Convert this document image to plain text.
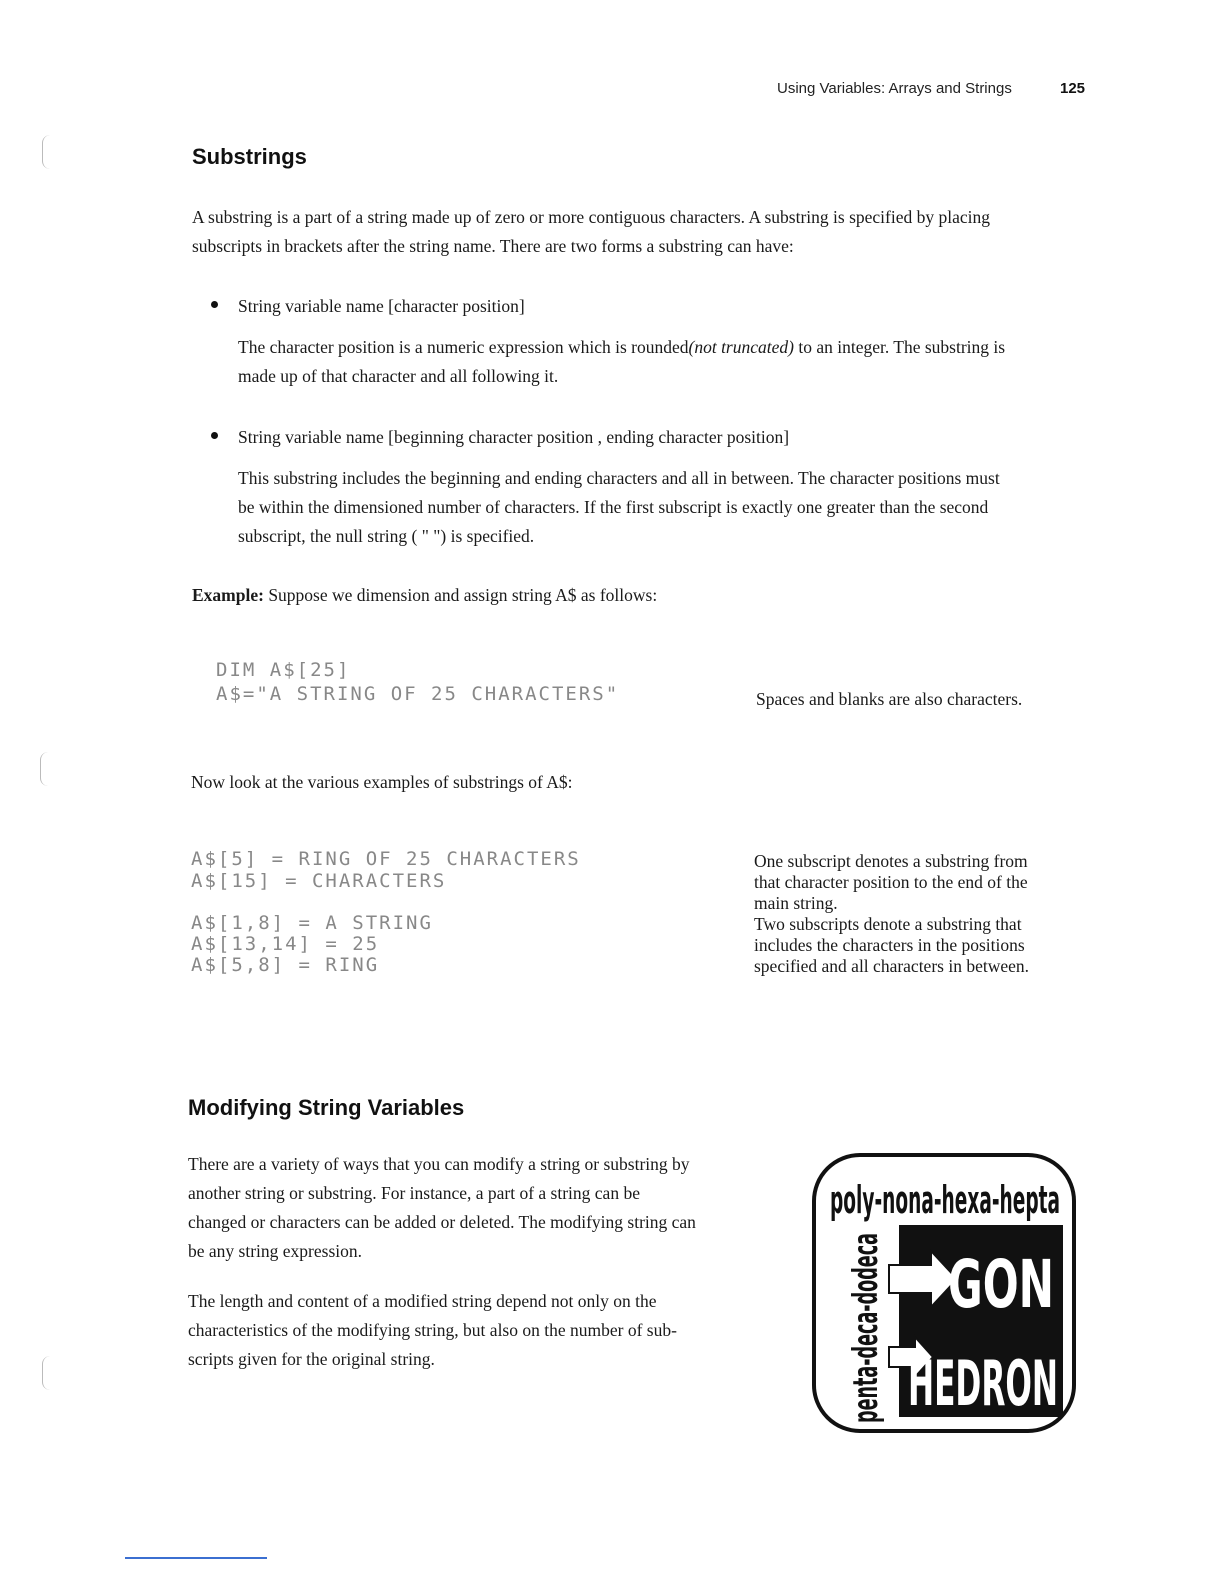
Using Variables: Arrays and Strings	125
Substrings

A substring is a part of a string made up of zero or more contiguous characters. A substring is specified by placing

subscripts in brackets after the string name. There are two forms a substring can have:

String variable name [character position]

The character position is a numeric expression which is rounded(not truncated) to an integer. The substring is

made up of that character and all following it.

String variable name [beginning character position , ending character position]

This substring includes the beginning and ending characters and all in between. The character positions must

be within the dimensioned number of characters. If the first subscript is exactly one greater than the second

subscript, the null string ( " ") is specified.

Example: Suppose we dimension and assign string A$ as follows:

DIM A$[25]
A$="A STRING OF 25 CHARACTERS"	Spaces and blanks are also characters.

Now look at the various examples of substrings of A$:

A$[5] = RING OF 25 CHARACTERS
A$[15] = CHARACTERS
A$[1,8] = A STRING
A$[13,14] = 25
A$[5,8] = RING
One subscript denotes a substring from
that character position to the end of the
main string.
Two subscripts denote a substring that
includes the characters in the positions
specified and all characters in between.
Modifying String Variables
There are a variety of ways that you can modify a string or substring by
another string or substring. For instance, a part of a string can be
changed or characters can be added or deleted. The modifying string can
be any string expression.
The length and content of a modified string depend not only on the
characteristics of the modifying string, but also on the number of sub-
scripts given for the original string.
poly-nona-hexa-hepta
penta-deca-dodeca GON
HEDRON
